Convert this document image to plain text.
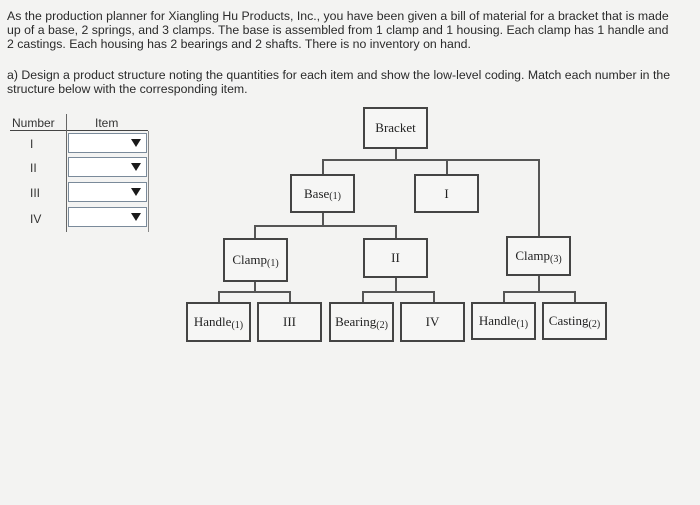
As the production planner for Xiangling Hu Products, Inc., you have been given a bill of material for a bracket that is made up of a base, 2 springs, and 3 clamps. The base is assembled from 1 clamp and 1 housing. Each clamp has 1 handle and 2 castings. Each housing has 2 bearings and 2 shafts. There is no inventory on hand.
a) Design a product structure noting the quantities for each item and show the low-level coding. Match each number in the structure below with the corresponding item.
Number	Item
I
II
III
IV
Bracket
Base$_{(1)}$	I
Clamp$_{(1)}$	II	Clamp$_{(3)}$
Handle$_{(1)}$	III	Bearing$_{(2)}$	IV	Handle$_{(1)}$ Casting$_{(2)}$
